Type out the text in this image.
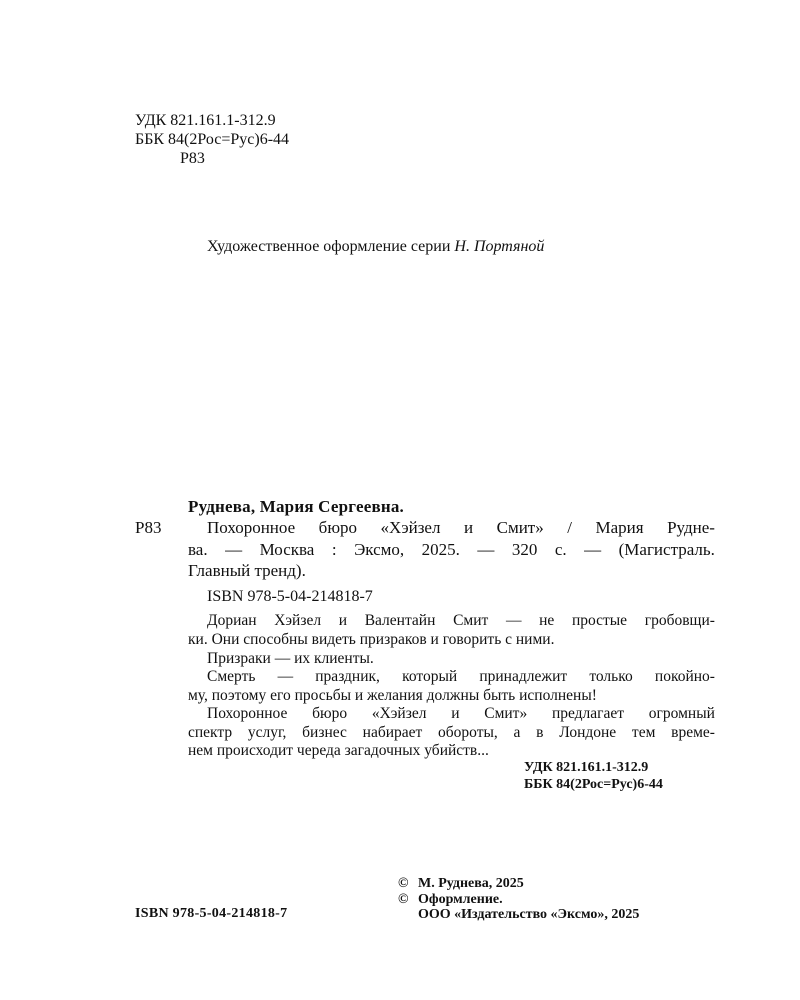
УДК 821.161.1-312.9
ББК 84(2Рос=Рус)6-44
Р83
Художественное оформление серии Н. Портяной
Руднева, Мария Сергеевна.
Р83	Похоронное бюро «Хэйзел и Смит» / Мария Рудне-
ва. — Москва : Эксмо, 2025. — 320 с. — (Магистраль.
Главный тренд).
ISBN 978-5-04-214818-7
Дориан Хэйзел и Валентайн Смит — не простые гробовщи-
ки. Они способны видеть призраков и говорить с ними.
Призраки — их клиенты.
Смерть — праздник, который принадлежит только покойно-
му, поэтому его просьбы и желания должны быть исполнены!
Похоронное бюро «Хэйзел и Смит» предлагает огромный
спектр услуг, бизнес набирает обороты, а в Лондоне тем време-
нем происходит череда загадочных убийств...
УДК 821.161.1-312.9
ББК 84(2Рос=Рус)6-44
ISBN 978-5-04-214818-7
© М. Руднева, 2025
© Оформление.
ООО «Издательство «Эксмо», 2025
